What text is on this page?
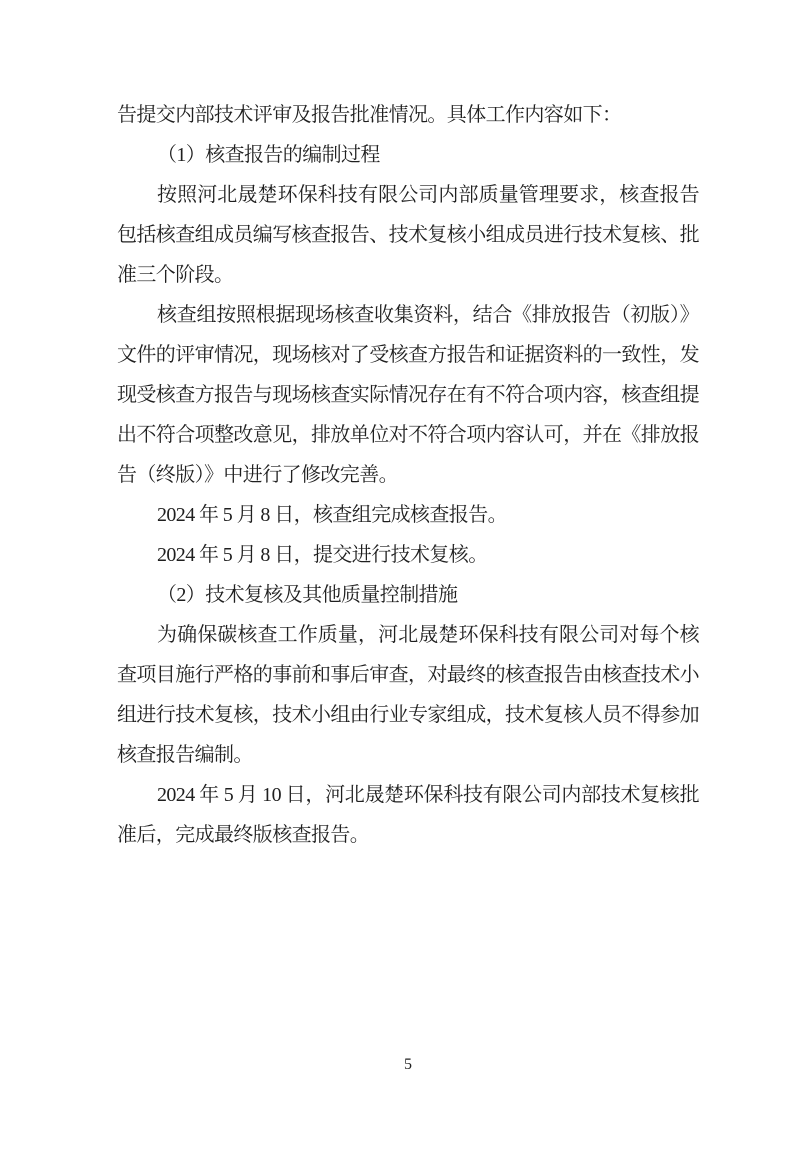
告提交内部技术评审及报告批准情况。具体工作内容如下：

（1）核查报告的编制过程

按照河北晟楚环保科技有限公司内部质量管理要求，核查报告包括核查组成员编写核查报告、技术复核小组成员进行技术复核、批准三个阶段。

核查组按照根据现场核查收集资料，结合《排放报告（初版）》文件的评审情况，现场核对了受核查方报告和证据资料的一致性，发现受核查方报告与现场核查实际情况存在有不符合项内容，核查组提出不符合项整改意见，排放单位对不符合项内容认可，并在《排放报告（终版）》中进行了修改完善。

2024 年 5 月 8 日，核查组完成核查报告。

2024 年 5 月 8 日，提交进行技术复核。

（2）技术复核及其他质量控制措施

为确保碳核查工作质量，河北晟楚环保科技有限公司对每个核查项目施行严格的事前和事后审查，对最终的核查报告由核查技术小组进行技术复核，技术小组由行业专家组成，技术复核人员不得参加核查报告编制。

2024 年 5 月 10 日，河北晟楚环保科技有限公司内部技术复核批准后，完成最终版核查报告。

5
